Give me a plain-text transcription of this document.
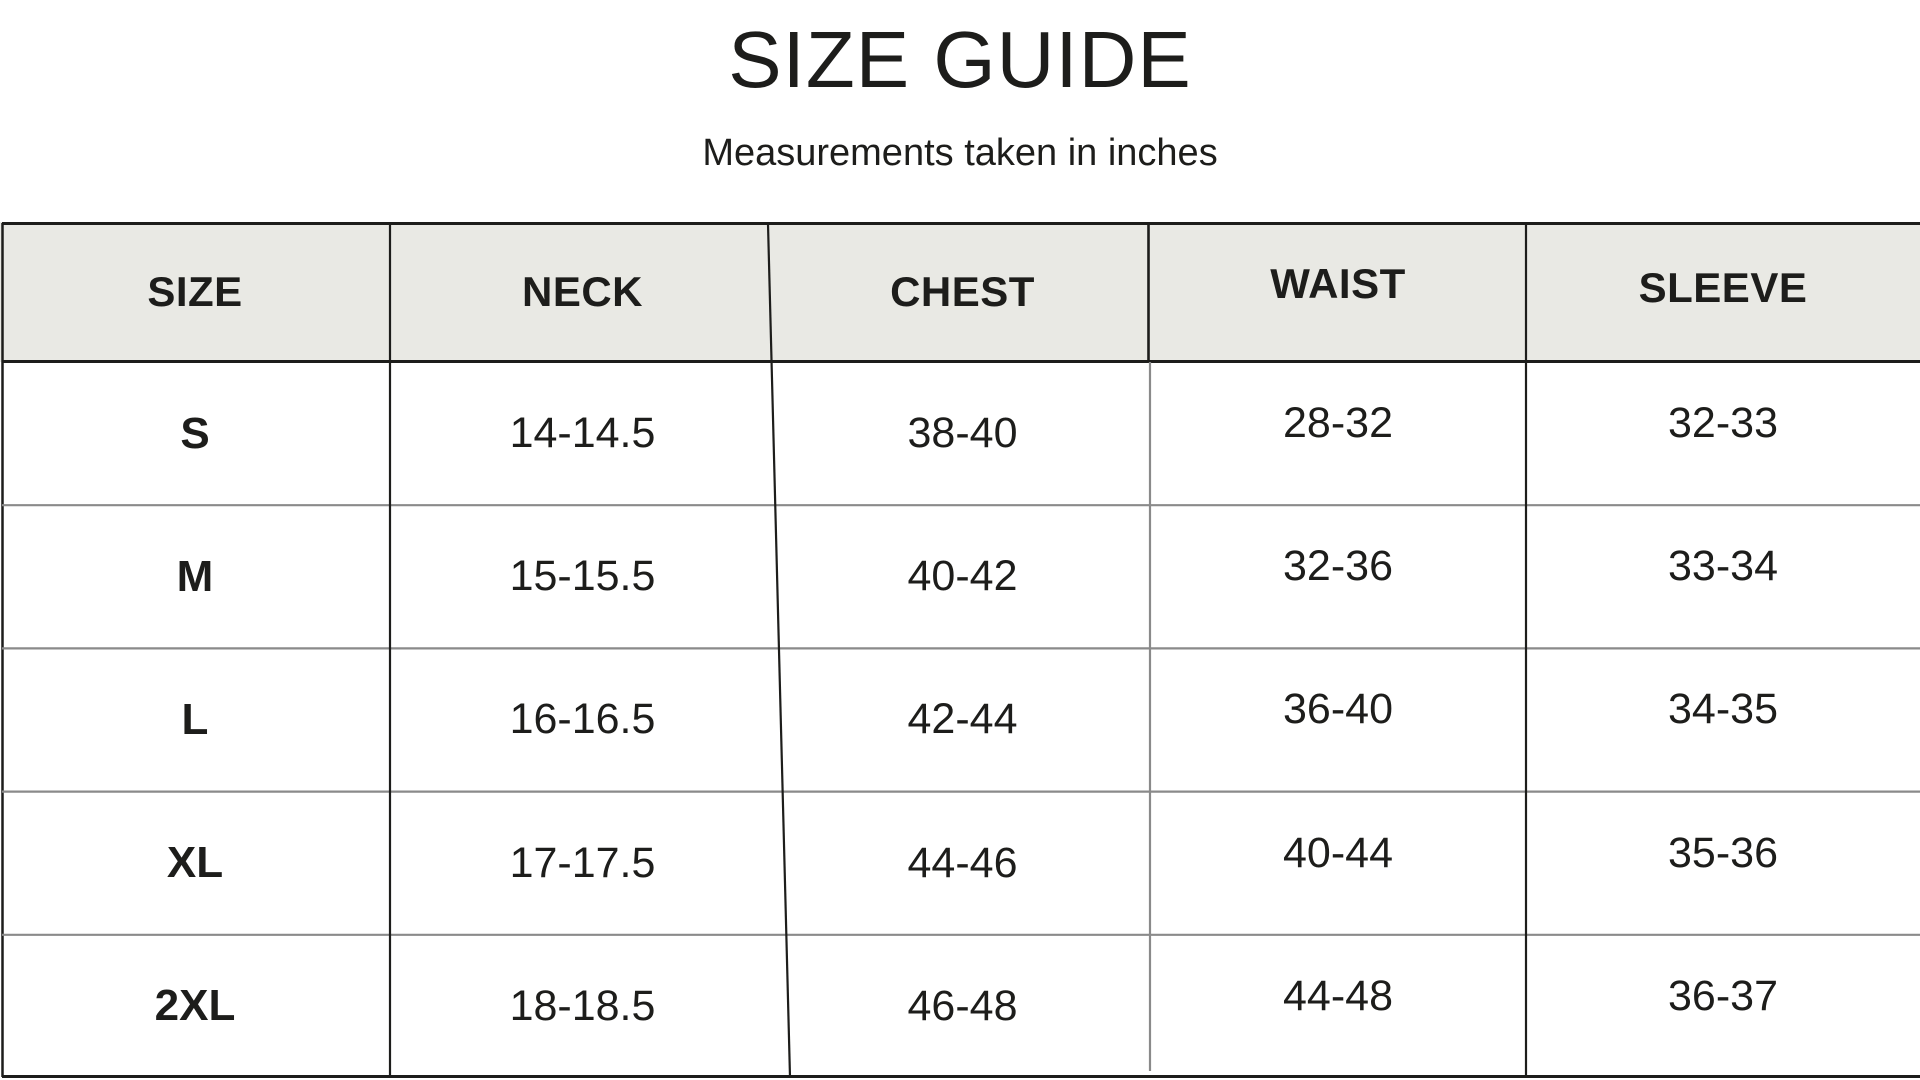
SIZE GUIDE
Measurements taken in inches
SIZE	NECK	CHEST	WAIST	SLEEVE
S	14-14.5	38-40	28-32	32-33
M	15-15.5	40-42	32-36	33-34
L	16-16.5	42-44	36-40	34-35
XL	17-17.5	44-46	40-44	35-36
2XL	18-18.5	46-48	44-48	36-37
